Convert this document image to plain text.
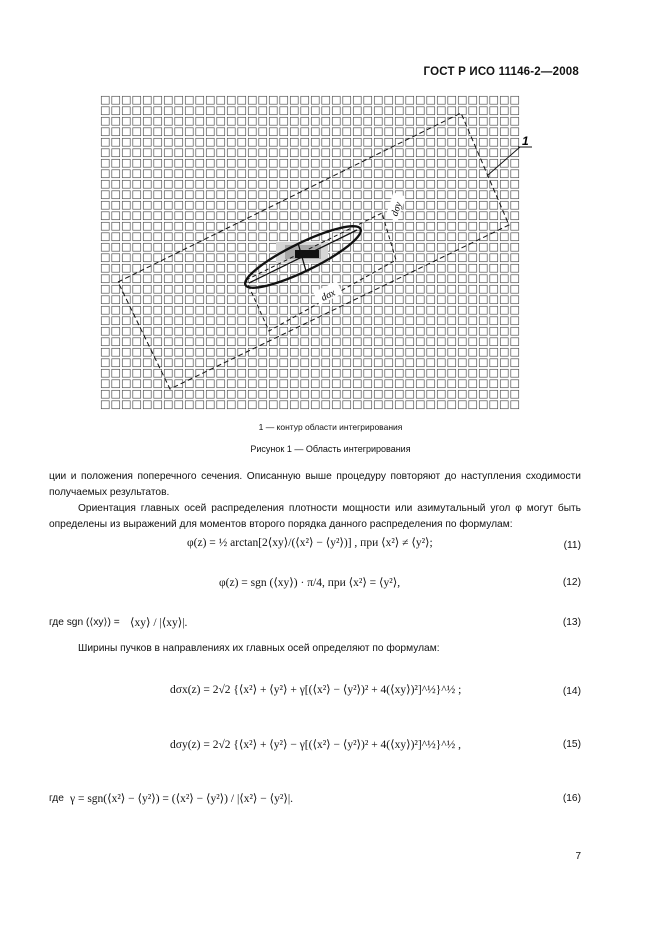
ГОСТ Р ИСО 11146-2—2008
dσx
dσy
1
1 — контур области интегрирования
Рисунок 1 — Область интегрирования

ции и положения поперечного сечения. Описанную выше процедуру повторяют до наступления сходимости получаемых результатов.

Ориентация главных осей распределения плотности мощности или азимутальный угол φ могут быть определены из выражений для моментов второго порядка данного распределения по формулам:

φ(z) = ½ arctan[2⟨xy⟩/(⟨x²⟩ − ⟨y²⟩)] , при ⟨x²⟩ ≠ ⟨y²⟩;	(11)
φ(z) = sgn (⟨xy⟩) · π/4, при ⟨x²⟩ = ⟨y²⟩,	(12)
где sgn (⟨xy⟩) = ⟨xy⟩ / |⟨xy⟩|.	(13)

Ширины пучков в направлениях их главных осей определяют по формулам:

dσx(z) = 2√2 {⟨x²⟩ + ⟨y²⟩ + γ[(⟨x²⟩ − ⟨y²⟩)² + 4(⟨xy⟩)²]^½}^½ ;	(14)
dσy(z) = 2√2 {⟨x²⟩ + ⟨y²⟩ − γ[(⟨x²⟩ − ⟨y²⟩)² + 4(⟨xy⟩)²]^½}^½ ,	(15)
где γ = sgn(⟨x²⟩ − ⟨y²⟩) = (⟨x²⟩ − ⟨y²⟩) / |⟨x²⟩ − ⟨y²⟩|.	(16)
7
